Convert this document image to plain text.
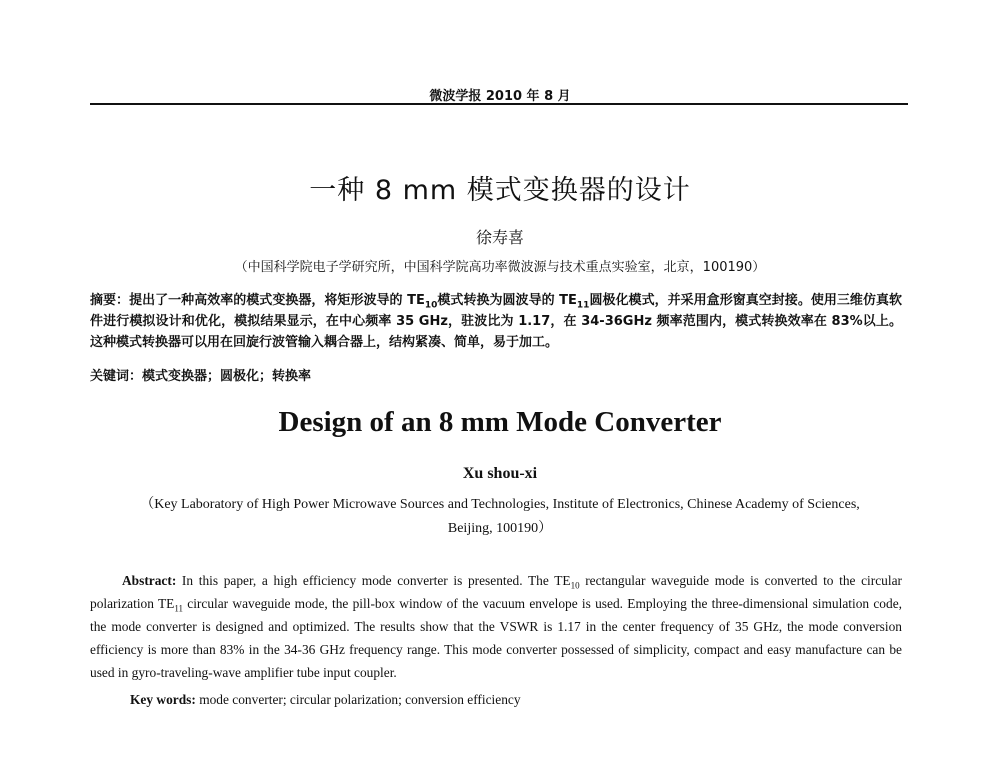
微波学报 2010 年 8 月
一种 8 mm 模式变换器的设计
徐寿喜
（中国科学院电子学研究所，中国科学院高功率微波源与技术重点实验室，北京，100190）
摘要：提出了一种高效率的模式变换器，将矩形波导的 $TE_{10}$模式转换为圆波导的 $TE_{11}$圆极化模式，并采用盒形窗真空封接。使用三维仿真软件进行模拟设计和优化，模拟结果显示，在中心频率 35 GHz，驻波比为 1.17，在 34-36GHz 频率范围内，模式转换效率在 83%以上。这种模式转换器可以用在回旋行波管输入耦合器上，结构紧凑、简单，易于加工。
关键词：模式变换器；圆极化；转换率
Design of an 8 mm Mode Converter
Xu shou-xi
（Key Laboratory of High Power Microwave Sources and Technologies, Institute of Electronics, Chinese Academy of Sciences,
Beijing, 100190）
Abstract: In this paper, a high efficiency mode converter is presented. The $TE_{10}$ rectangular waveguide mode is converted to the circular polarization $TE_{11}$ circular waveguide mode, the pill-box window of the vacuum envelope is used. Employing the three-dimensional simulation code, the mode converter is designed and optimized. The results show that the VSWR is 1.17 in the center frequency of 35 GHz, the mode conversion efficiency is more than 83% in the 34-36 GHz frequency range. This mode converter possessed of simplicity, compact and easy manufacture can be used in gyro-traveling-wave amplifier tube input coupler.
Key words: mode converter; circular polarization; conversion efficiency
